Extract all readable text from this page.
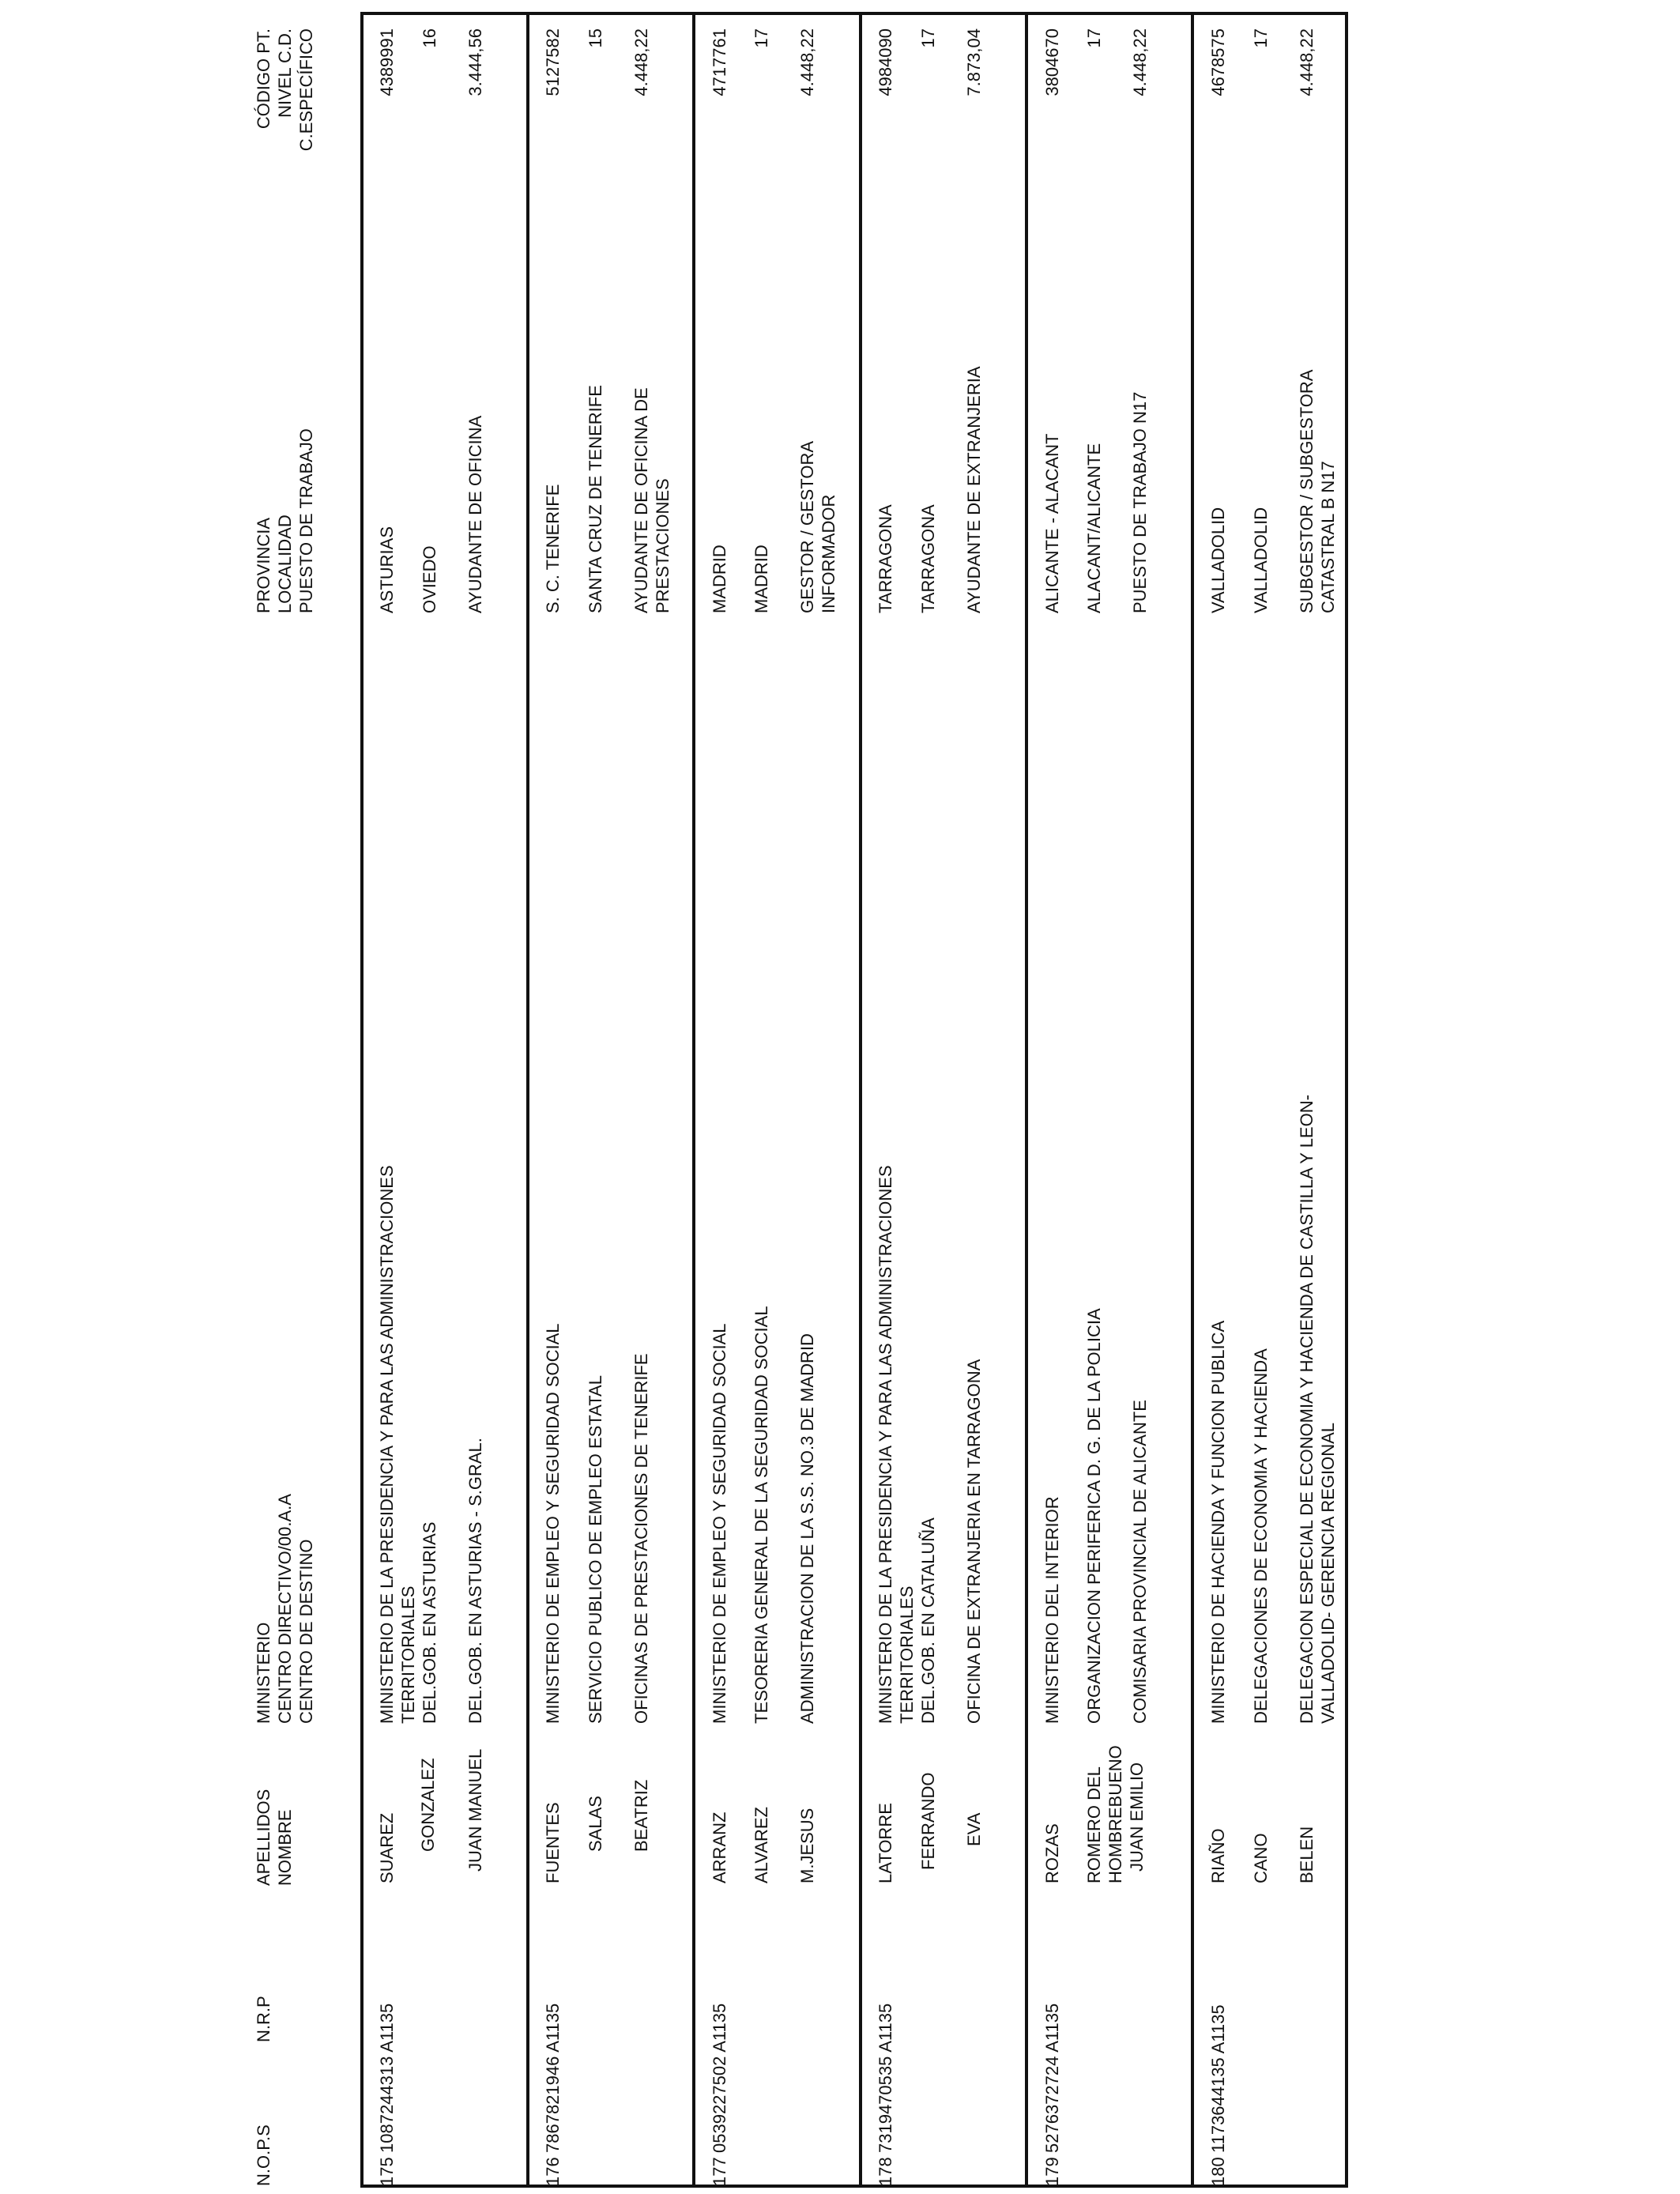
N.O.P.S
N.R.P
APELLIDOS NOMBRE
MINISTERIO CENTRO DIRECTIVO/00.A.A CENTRO DE DESTINO
PROVINCIA LOCALIDAD PUESTO DE TRABAJO
CÓDIGO PT. NIVEL C.D. C.ESPECÍFICO
175
1087244313 A1135
SUAREZ GONZALEZ JUAN MANUEL
MINISTERIO DE LA PRESIDENCIA Y PARA LAS ADMINISTRACIONES TERRITORIALES DEL.GOB. EN ASTURIAS DEL.GOB. EN ASTURIAS - S.GRAL.
ASTURIAS OVIEDO AYUDANTE DE OFICINA
4389991 16 3.444,56
176
7867821946 A1135
FUENTES SALAS BEATRIZ
MINISTERIO DE EMPLEO Y SEGURIDAD SOCIAL SERVICIO PUBLICO DE EMPLEO ESTATAL OFICINAS DE PRESTACIONES DE TENERIFE
S. C. TENERIFE SANTA CRUZ DE TENERIFE AYUDANTE DE OFICINA DE PRESTACIONES
5127582 15 4.448,22
177
0539227502 A1135
ARRANZ ALVAREZ M.JESUS
MINISTERIO DE EMPLEO Y SEGURIDAD SOCIAL TESORERIA GENERAL DE LA SEGURIDAD SOCIAL ADMINISTRACION DE LA S.S. NO.3 DE MADRID
MADRID MADRID GESTOR / GESTORA INFORMADOR
4717761 17 4.448,22
178
7319470535 A1135
LATORRE FERRANDO EVA
MINISTERIO DE LA PRESIDENCIA Y PARA LAS ADMINISTRACIONES TERRITORIALES DEL.GOB. EN CATALUÑA OFICINA DE EXTRANJERIA EN TARRAGONA
TARRAGONA TARRAGONA AYUDANTE DE EXTRANJERIA
4984090 17 7.873,04
179
5276372724 A1135
ROZAS ROMERO DEL HOMBREBUENO JUAN EMILIO
MINISTERIO DEL INTERIOR ORGANIZACION PERIFERICA D. G. DE LA POLICIA COMISARIA PROVINCIAL DE ALICANTE
ALICANTE - ALACANT ALACANT/ALICANTE PUESTO DE TRABAJO N17
3804670 17 4.448,22
180
1173644135 A1135
RIAÑO CANO BELEN
MINISTERIO DE HACIENDA Y FUNCION PUBLICA DELEGACIONES DE ECONOMIA Y HACIENDA DELEGACION ESPECIAL DE ECONOMIA Y HACIENDA DE CASTILLA Y LEON-VALLADOLID- GERENCIA REGIONAL
VALLADOLID VALLADOLID SUBGESTOR / SUBGESTORA CATASTRAL B N17
4678575 17 4.448,22
